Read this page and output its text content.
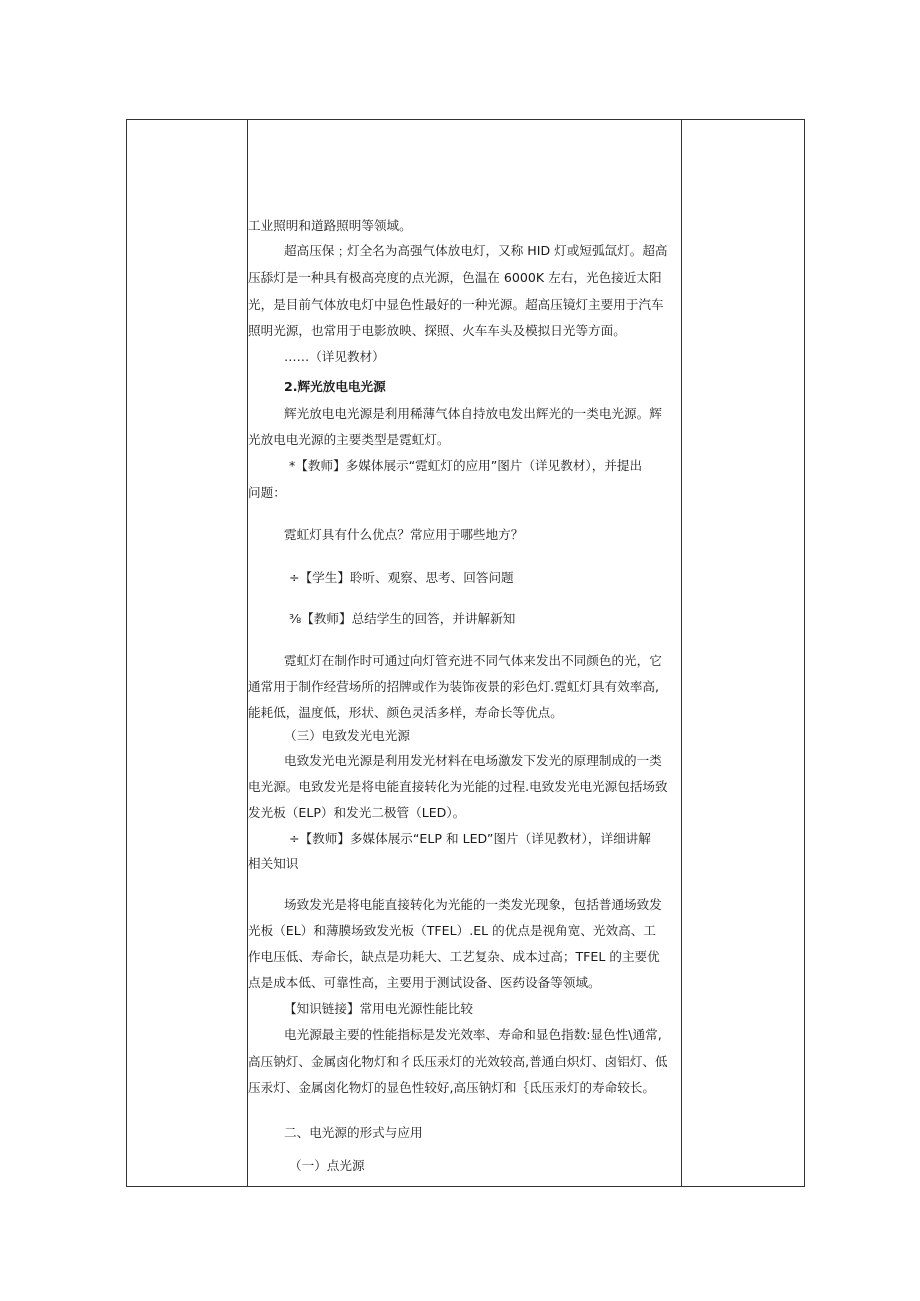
工业照明和道路照明等领域。
超高压保﹔灯全名为高强气体放电灯，又称 HID 灯或短弧氙灯。超高
压舔灯是一种具有极高亮度的点光源，色温在 6000K 左右，光色接近太阳
光，是目前气体放电灯中显色性最好的一种光源。超高压镜灯主要用于汽车
照明光源，也常用于电影放映、探照、火车车头及模拟日光等方面。
……（详见教材）
2.辉光放电电光源
辉光放电电光源是利用稀薄气体自持放电发出辉光的一类电光源。辉
光放电电光源的主要类型是霓虹灯。
*【教师】多媒体展示“霓虹灯的应用”图片（详见教材），并提出
问题：
霓虹灯具有什么优点？常应用于哪些地方？
÷【学生】聆听、观察、思考、回答问题
⅜【教师】总结学生的回答，并讲解新知
霓虹灯在制作时可通过向灯管充进不同气体来发出不同颜色的光，它
通常用于制作经营场所的招牌或作为装饰夜景的彩色灯.霓虹灯具有效率高,
能耗低，温度低，形状、颜色灵活多样，寿命长等优点。
（三）电致发光电光源
电致发光电光源是利用发光材料在电场激发下发光的原理制成的一类
电光源。电致发光是将电能直接转化为光能的过程.电致发光电光源包括场致
发光板（ELP）和发光二极管（LED）。
÷【教师】多媒体展示“ELP 和 LED”图片（详见教材），详细讲解
相关知识
场致发光是将电能直接转化为光能的一类发光现象，包括普通场致发
光板（EL）和薄膜场致发光板（TFEL）.EL 的优点是视角宽、光效高、工
作电压低、寿命长，缺点是功耗大、工艺复杂、成本过高；TFEL 的主要优
点是成本低、可靠性高，主要用于测试设备、医药设备等领域。
【知识链接】常用电光源性能比较
电光源最主要的性能指标是发光效率、寿命和显色指数:显色性\通常,
高压钠灯、金属卤化物灯和彳氐压汞灯的光效较高,普通白炽灯、卤铝灯、低
压汞灯、金属卤化物灯的显色性较好,高压钠灯和｛氐压汞灯的寿命较长。
二、电光源的形式与应用
（一）点光源
